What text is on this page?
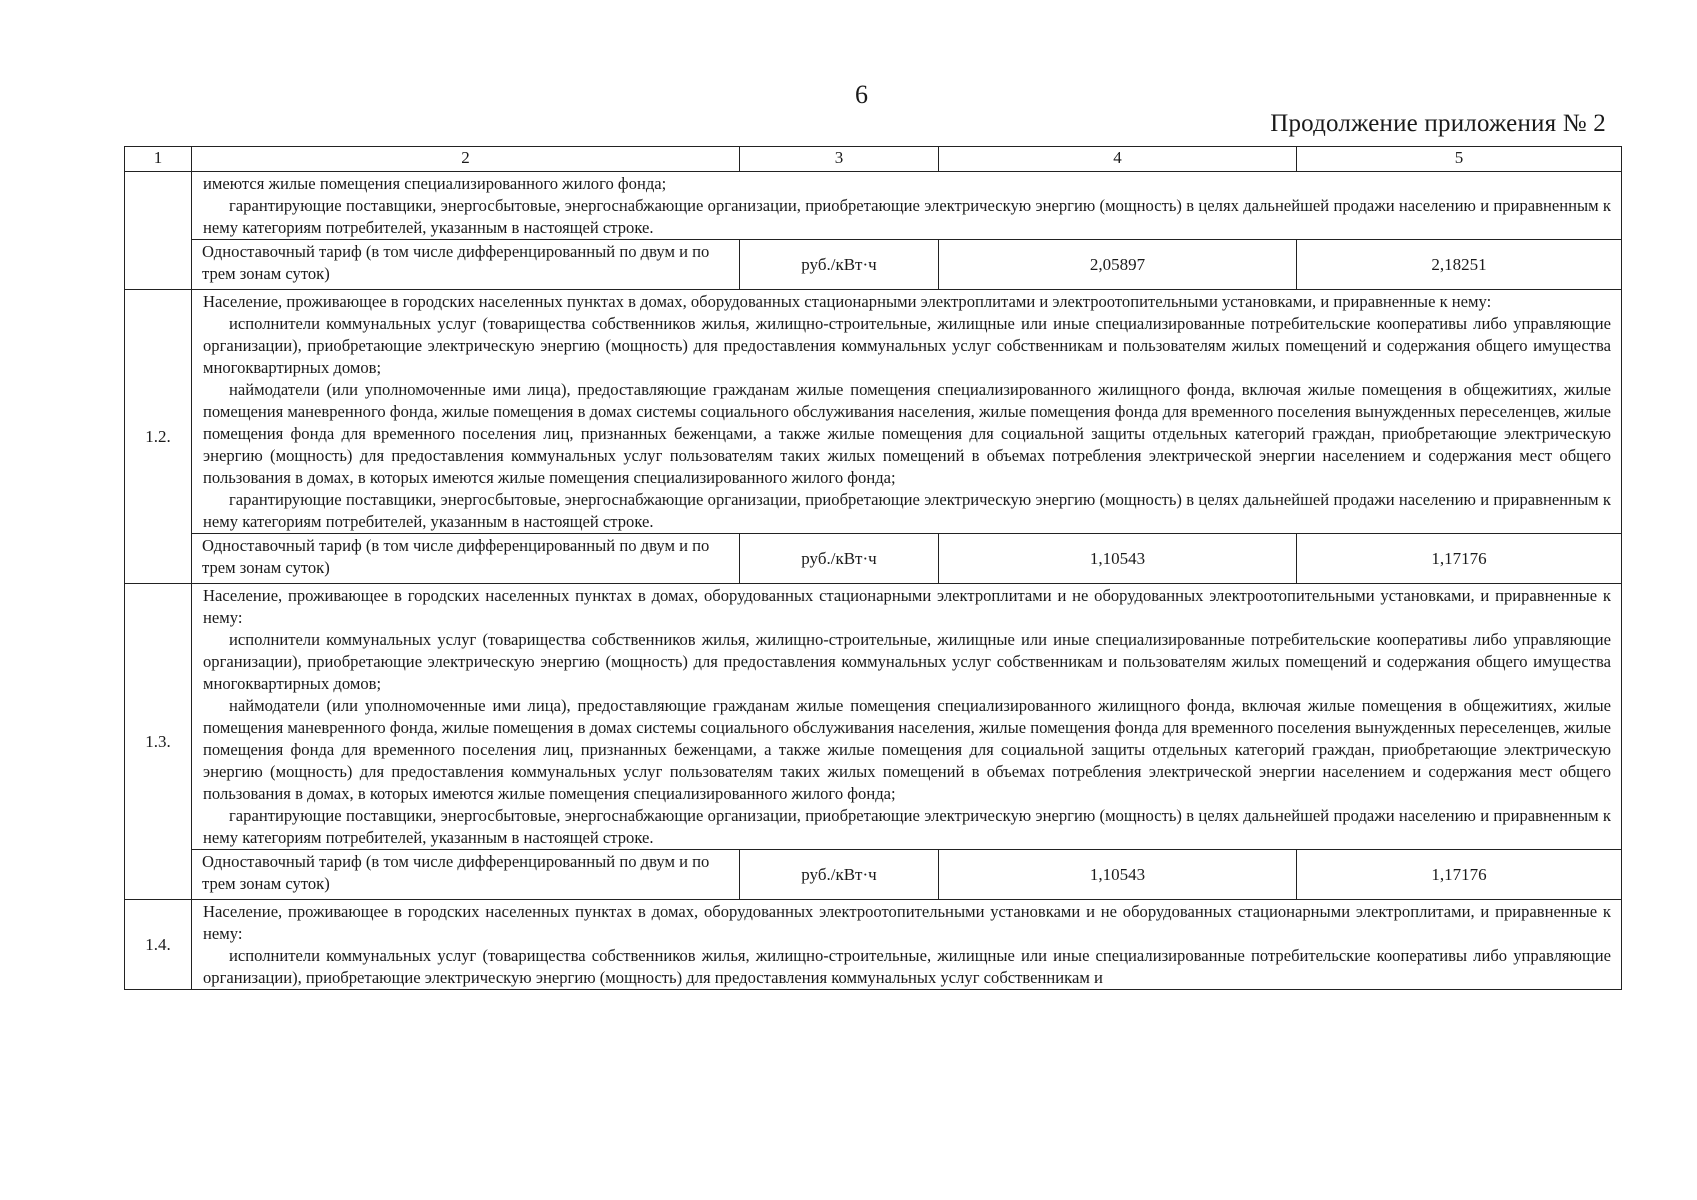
6
Продолжение приложения № 2
1	2	3	4	5

	имеются жилые помещения специализированного жилого фонда;

гарантирующие поставщики, энергосбытовые, энергоснабжающие организации, приобретающие электрическую энергию (мощность) в целях дальнейшей продажи населению и приравненным к нему категориям потребителей, указанным в настоящей строке.			

	Одноставочный тариф (в том числе дифференцированный по двум и по трем зонам суток)	руб./кВт·ч	2,05897	2,18251
1.2.	Население, проживающее в городских населенных пунктах в домах, оборудованных стационарными электроплитами и электроотопительными установками, и приравненные к нему:

исполнители коммунальных услуг (товарищества собственников жилья, жилищно-строительные, жилищные или иные специализированные потребительские кооперативы либо управляющие организации), приобретающие электрическую энергию (мощность) для предоставления коммунальных услуг собственникам и пользователям жилых помещений и содержания общего имущества многоквартирных домов;

наймодатели (или уполномоченные ими лица), предоставляющие гражданам жилые помещения специализированного жилищного фонда, включая жилые помещения в общежитиях, жилые помещения маневренного фонда, жилые помещения в домах системы социального обслуживания населения, жилые помещения фонда для временного поселения вынужденных переселенцев, жилые помещения фонда для временного поселения лиц, признанных беженцами, а также жилые помещения для социальной защиты отдельных категорий граждан, приобретающие электрическую энергию (мощность) для предоставления коммунальных услуг пользователям таких жилых помещений в объемах потребления электрической энергии населением и содержания мест общего пользования в домах, в которых имеются жилые помещения специализированного жилого фонда;

гарантирующие поставщики, энергосбытовые, энергоснабжающие организации, приобретающие электрическую энергию (мощность) в целях дальнейшей продажи населению и приравненным к нему категориям потребителей, указанным в настоящей строке.			

	Одноставочный тариф (в том числе дифференцированный по двум и по трем зонам суток)	руб./кВт·ч	1,10543	1,17176
1.3.	Население, проживающее в городских населенных пунктах в домах, оборудованных стационарными электроплитами и не оборудованных электроотопительными установками, и приравненные к нему:

исполнители коммунальных услуг (товарищества собственников жилья, жилищно-строительные, жилищные или иные специализированные потребительские кооперативы либо управляющие организации), приобретающие электрическую энергию (мощность) для предоставления коммунальных услуг собственникам и пользователям жилых помещений и содержания общего имущества многоквартирных домов;

наймодатели (или уполномоченные ими лица), предоставляющие гражданам жилые помещения специализированного жилищного фонда, включая жилые помещения в общежитиях, жилые помещения маневренного фонда, жилые помещения в домах системы социального обслуживания населения, жилые помещения фонда для временного поселения вынужденных переселенцев, жилые помещения фонда для временного поселения лиц, признанных беженцами, а также жилые помещения для социальной защиты отдельных категорий граждан, приобретающие электрическую энергию (мощность) для предоставления коммунальных услуг пользователям таких жилых помещений в объемах потребления электрической энергии населением и содержания мест общего пользования в домах, в которых имеются жилые помещения специализированного жилого фонда;

гарантирующие поставщики, энергосбытовые, энергоснабжающие организации, приобретающие электрическую энергию (мощность) в целях дальнейшей продажи населению и приравненным к нему категориям потребителей, указанным в настоящей строке.			

	Одноставочный тариф (в том числе дифференцированный по двум и по трем зонам суток)	руб./кВт·ч	1,10543	1,17176
1.4.	Население, проживающее в городских населенных пунктах в домах, оборудованных электроотопительными установками и не оборудованных стационарными электроплитами, и приравненные к нему:

исполнители коммунальных услуг (товарищества собственников жилья, жилищно-строительные, жилищные или иные специализированные потребительские кооперативы либо управляющие организации), приобретающие электрическую энергию (мощность) для предоставления коммунальных услуг собственникам и			
